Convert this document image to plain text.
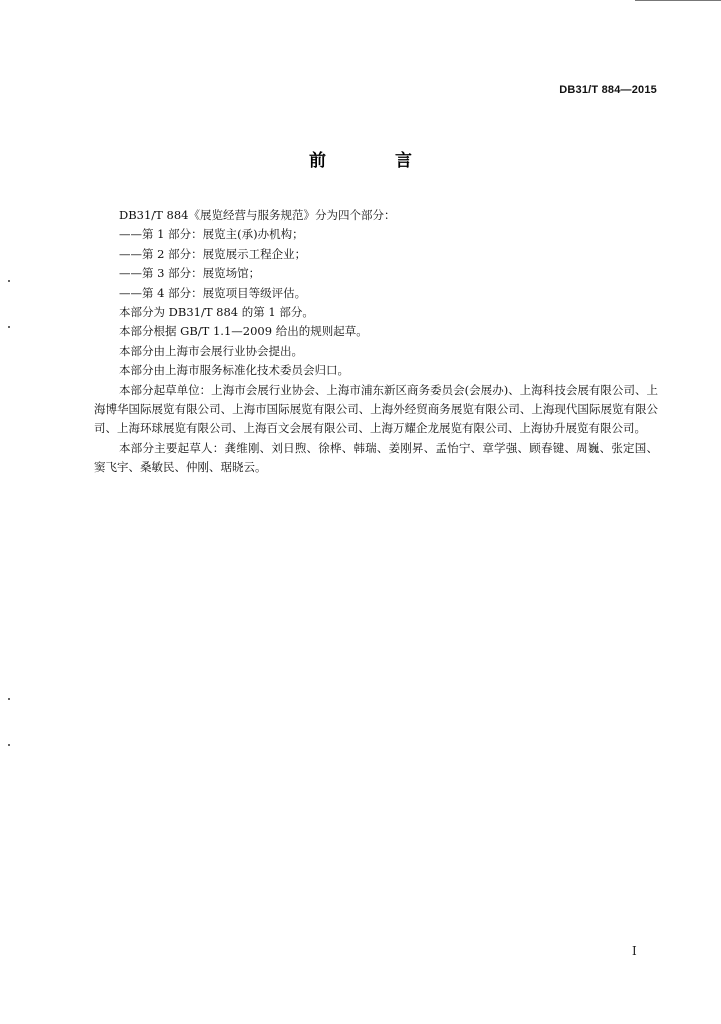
DB31/T 884—2015
前　言
DB31/T 884《展览经营与服务规范》分为四个部分：
——第 1 部分：展览主(承)办机构；
——第 2 部分：展览展示工程企业；
——第 3 部分：展览场馆；
——第 4 部分：展览项目等级评估。
本部分为 DB31/T 884 的第 1 部分。
本部分根据 GB/T 1.1—2009 给出的规则起草。
本部分由上海市会展行业协会提出。
本部分由上海市服务标准化技术委员会归口。
本部分起草单位：上海市会展行业协会、上海市浦东新区商务委员会(会展办)、上海科技会展有限公司、上海博华国际展览有限公司、上海市国际展览有限公司、上海外经贸商务展览有限公司、上海现代国际展览有限公司、上海环球展览有限公司、上海百文会展有限公司、上海万耀企龙展览有限公司、上海协升展览有限公司。
本部分主要起草人：龚维刚、刘日煦、徐桦、韩瑞、姜刚昇、孟怡宁、章学强、顾春键、周巍、张定国、窦飞宇、桑敏民、仲刚、琚晓云。
I
